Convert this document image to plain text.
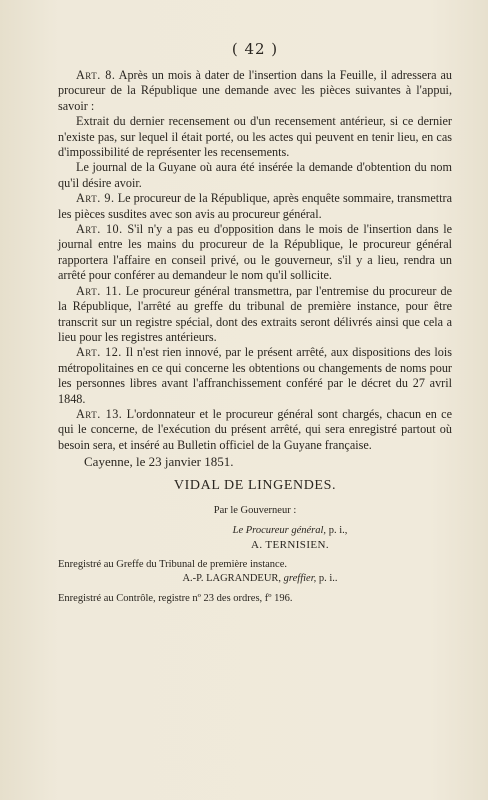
( 42 )

Art. 8. Après un mois à dater de l'insertion dans la Feuille, il adressera au procureur de la République une demande avec les pièces suivantes à l'appui, savoir :

Extrait du dernier recensement ou d'un recensement antérieur, si ce dernier n'existe pas, sur lequel il était porté, ou les actes qui peuvent en tenir lieu, en cas d'impossibilité de représenter les recensements.

Le journal de la Guyane où aura été insérée la demande d'obtention du nom qu'il désire avoir.

Art. 9. Le procureur de la République, après enquête sommaire, transmettra les pièces susdites avec son avis au procureur général.

Art. 10. S'il n'y a pas eu d'opposition dans le mois de l'insertion dans le journal entre les mains du procureur de la République, le procureur général rapportera l'affaire en conseil privé, ou le gouverneur, s'il y a lieu, rendra un arrêté pour conférer au demandeur le nom qu'il sollicite.

Art. 11. Le procureur général transmettra, par l'entremise du procureur de la République, l'arrêté au greffe du tribunal de première instance, pour être transcrit sur un registre spécial, dont des extraits seront délivrés ainsi que cela a lieu pour les registres antérieurs.

Art. 12. Il n'est rien innové, par le présent arrêté, aux dispositions des lois métropolitaines en ce qui concerne les obtentions ou changements de noms pour les personnes libres avant l'affranchissement conféré par le décret du 27 avril 1848.

Art. 13. L'ordonnateur et le procureur général sont chargés, chacun en ce qui le concerne, de l'exécution du présent arrêté, qui sera enregistré partout où besoin sera, et inséré au Bulletin officiel de la Guyane française.

Cayenne, le 23 janvier 1851.

VIDAL DE LINGENDES.

Par le Gouverneur :

Le Procureur général, p. i.,

A. TERNISIEN.

Enregistré au Greffe du Tribunal de première instance.

A.-P. LAGRANDEUR, greffier, p. i..

Enregistré au Contrôle, registre nº 23 des ordres, fº 196.
